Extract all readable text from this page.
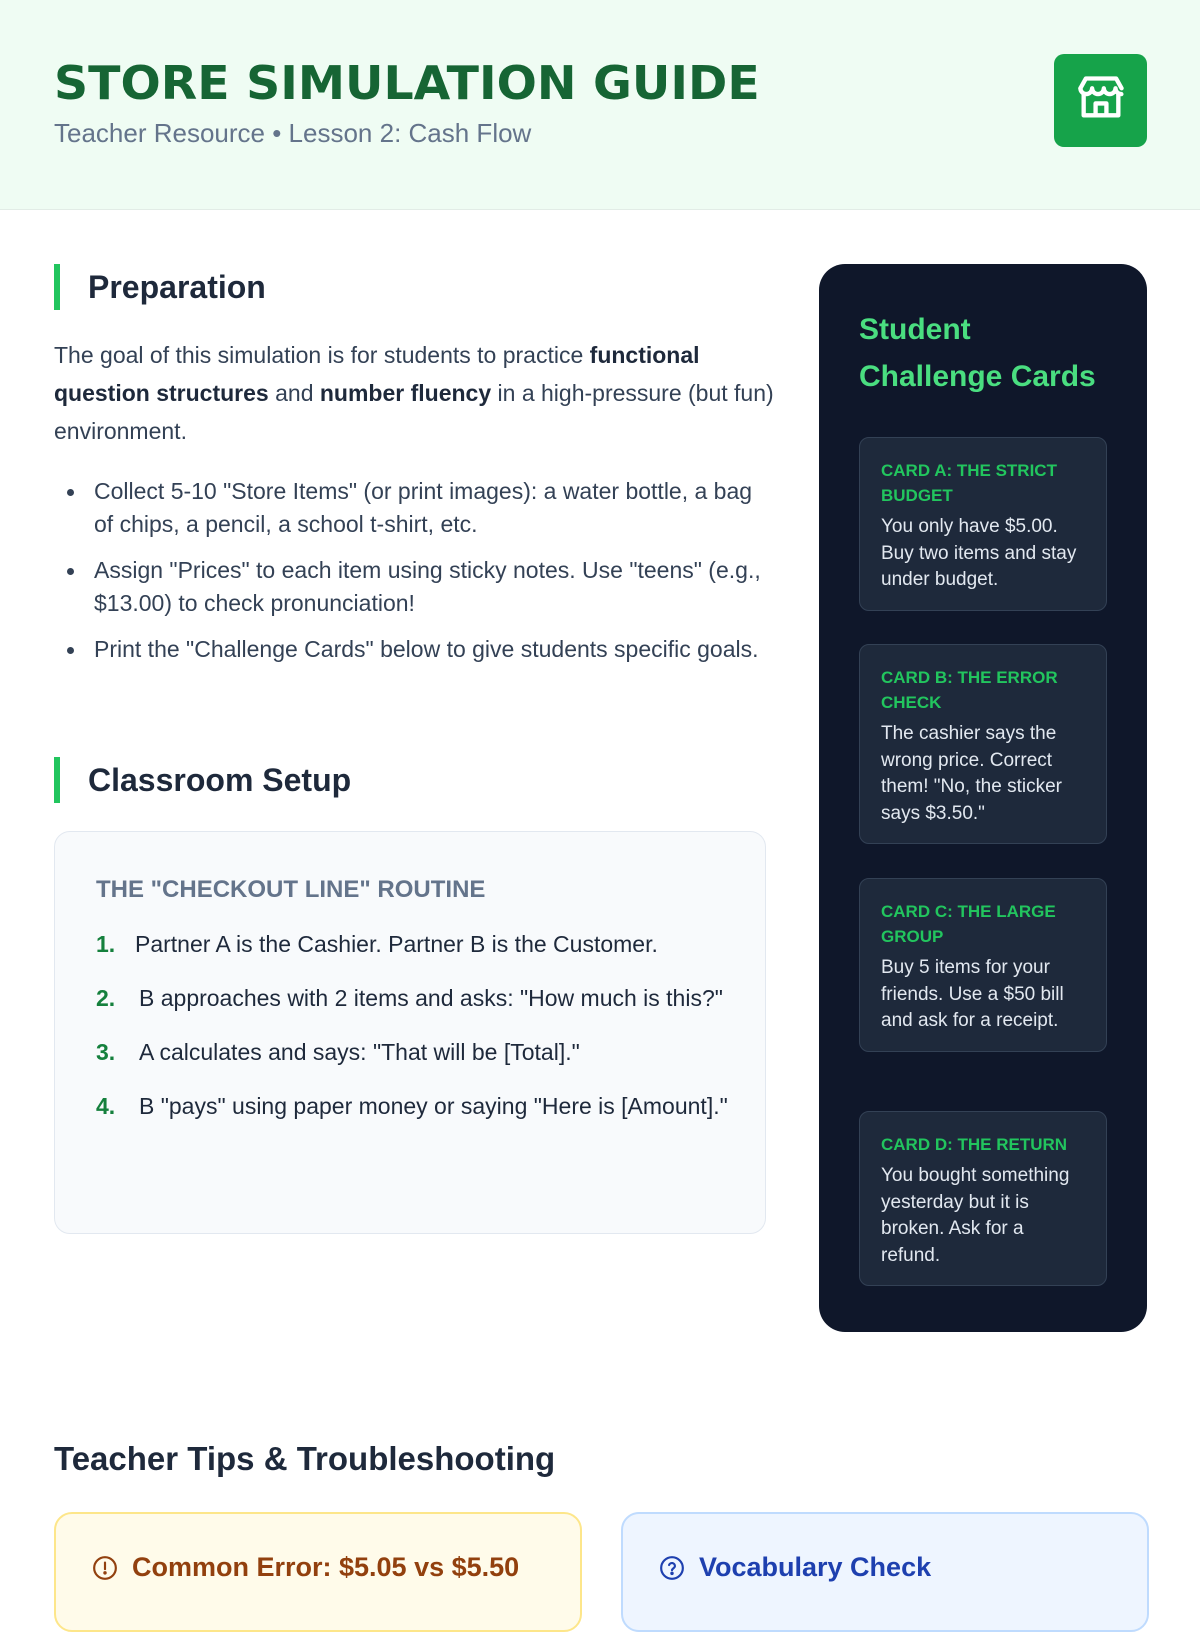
STORE SIMULATION GUIDE
Teacher Resource • Lesson 2: Cash Flow
Preparation

The goal of this simulation is for students to practice functional question structures and number fluency in a high-pressure (but fun) environment.

Collect 5-10 "Store Items" (or print images): a water bottle, a bag of chips, a pencil, a school t-shirt, etc.
Assign "Prices" to each item using sticky notes. Use "teens" (e.g., $13.00) to check pronunciation!
Print the "Challenge Cards" below to give students specific goals.
Classroom Setup
THE "CHECKOUT LINE" ROUTINE
1. Partner A is the Cashier. Partner B is the Customer.
2.	B approaches with 2 items and asks: "How much is this?"
3.	A calculates and says: "That will be [Total]."
4.	B "pays" using paper money or saying "Here is [Amount]."
Student Challenge Cards
CARD A: THE STRICT BUDGET
You only have $5.00. Buy two items and stay under budget.
CARD B: THE ERROR CHECK
The cashier says the wrong price. Correct them! "No, the sticker says $3.50."
CARD C: THE LARGE GROUP
Buy 5 items for your friends. Use a $50 bill and ask for a receipt.
CARD D: THE RETURN
You bought something yesterday but it is broken. Ask for a refund.
Teacher Tips & Troubleshooting
Common Error: $5.05 vs $5.50	Vocabulary Check
